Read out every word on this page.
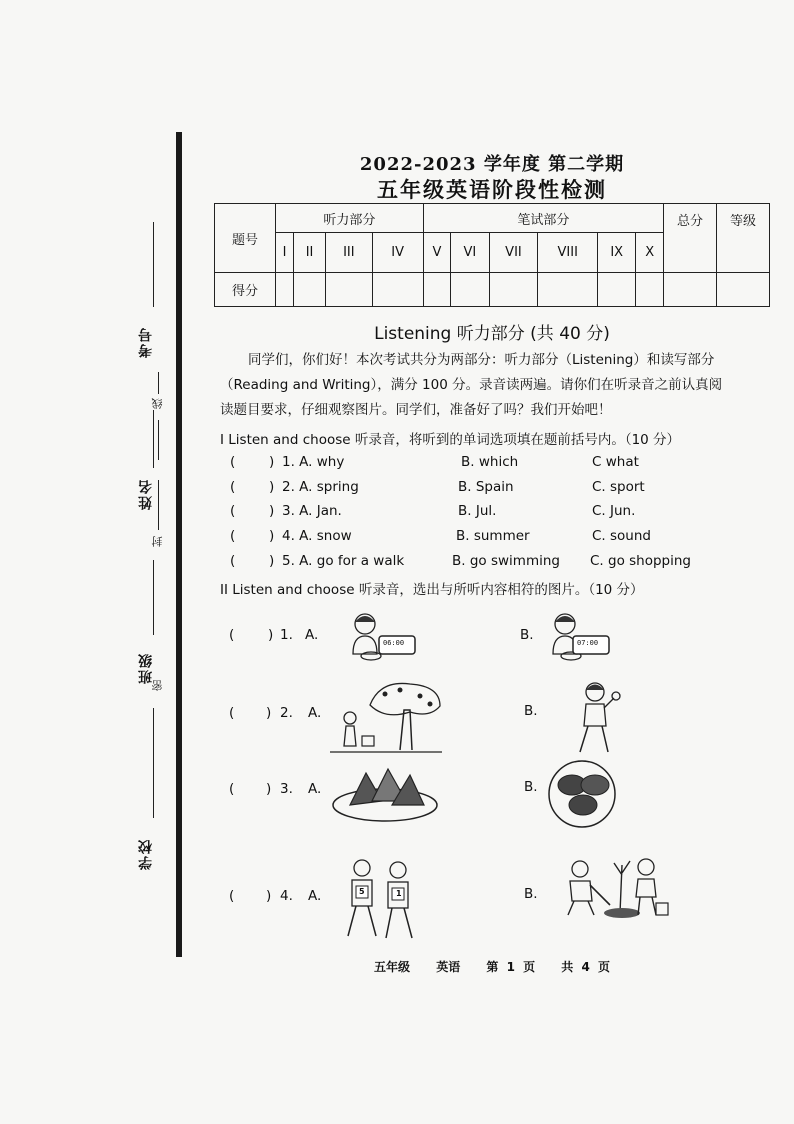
考号
线
姓名
封
班级
密
学校
2022-2023 学年度 第二学期
五年级英语阶段性检测
题号	听力部分				笔试部分						总分	等级
	I	II	III	IV	V	VI	VII	VIII	IX	X		
得分												
Listening 听力部分 (共 40 分)
同学们，你们好！本次考试共分为两部分：听力部分（Listening）和读写部分
（Reading and Writing），满分 100 分。录音读两遍。请你们在听录音之前认真阅
读题目要求，仔细观察图片。同学们，准备好了吗？我们开始吧！
I Listen and choose 听录音，将听到的单词选项填在题前括号内。（10 分）
( ) 1. A. why	B. which	C what
( ) 2. A. spring	B. Spain	C. sport
( ) 3. A. Jan.	B. Jul.	C. Jun.
( ) 4. A. snow	B. summer	C. sound
( ) 5. A. go for a walk	B. go swimming C. go shopping
II Listen and choose 听录音，选出与所听内容相符的图片。（10 分）
( ) 1. A.	B.
06:00	07:00
( ) 2. A.	B.
( ) 3. A.	B.
( ) 4. A.	B.
5	1
五年级 英语 第 1 页 共 4 页
